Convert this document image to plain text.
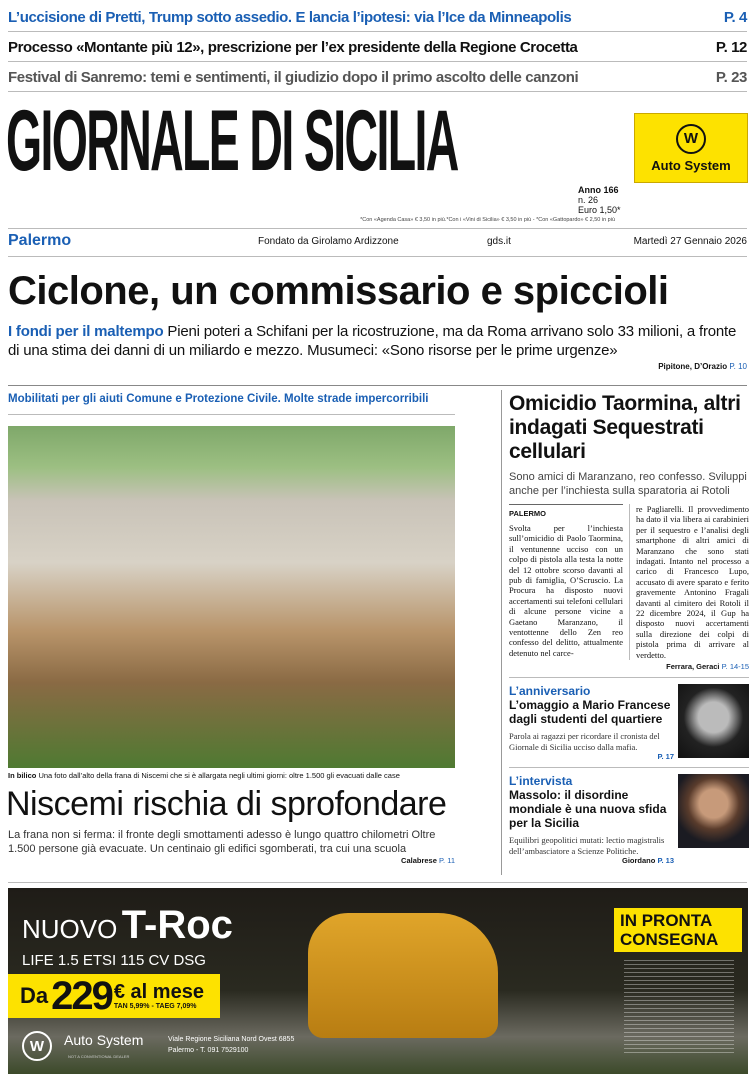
L’uccisione di Pretti, Trump sotto assedio. E lancia l’ipotesi: via l’Ice da Minneapolis	P. 4
Processo «Montante più 12», prescrizione per l’ex presidente della Regione Crocetta	P. 12
Festival di Sanremo: temi e sentimenti, il giudizio dopo il primo ascolto delle canzoni	P. 23
GIORNALE DI SICILIA	W
Auto System
Anno 166
n. 26
Euro 1,50*
*Con «Agenda Casa» € 3,50 in più.*Con i «Vini di Sicilia» € 3,50 in più - *Con «Gattopardo» € 2,50 in più
Palermo	Fondato da Girolamo Ardizzone	gds.it	Martedì 27 Gennaio 2026
Ciclone, un commissario e spiccioli
I fondi per il maltempo Pieni poteri a Schifani per la ricostruzione, ma da Roma arrivano solo 33 milioni, a fronte di una stima dei danni di un miliardo e mezzo. Musumeci: «Sono risorse per le prime urgenze»
Pipitone, D’Orazio P. 10
Mobilitati per gli aiuti Comune e Protezione Civile. Molte strade impercorribili
In bilico Una foto dall’alto della frana di Niscemi che si è allargata negli ultimi giorni: oltre 1.500 gli evacuati dalle case
Niscemi rischia di sprofondare
La frana non si ferma: il fronte degli smottamenti adesso è lungo quattro chilometri Oltre 1.500 persone già evacuate. Un centinaio gli edifici sgomberati, tra cui una scuola
Calabrese P. 11
Omicidio Taormina, altri indagati Sequestrati cellulari
Sono amici di Maranzano, reo confesso. Sviluppi anche per l’inchiesta sulla sparatoria ai Rotoli
PALERMO
Svolta per l’inchiesta sull’omicidio di Paolo Taormina, il ventunenne ucciso con un colpo di pistola alla testa la notte del 12 ottobre scorso davanti al pub di famiglia, O’Scruscio. La Procura ha disposto nuovi accertamenti sui telefoni cellulari di alcune persone vicine a Gaetano Maranzano, il ventottenne dello Zen reo confesso del delitto, attualmente detenuto nel carce-
re Pagliarelli. Il provvedimento ha dato il via libera ai carabinieri per il sequestro e l’analisi degli smartphone di altri amici di Maranzano che sono stati indagati. Intanto nel processo a carico di Francesco Lupo, accusato di avere sparato e ferito gravemente Antonino Fragali davanti al cimitero dei Rotoli il 22 dicembre 2024, il Gup ha disposto nuovi accertamenti sulla direzione dei colpi di pistola prima di arrivare al verdetto.
Ferrara, Geraci P. 14-15
L’anniversario
L’omaggio a Mario Francese dagli studenti del quartiere
Parola ai ragazzi per ricordare il cronista del Giornale di Sicilia ucciso dalla mafia.
P. 17
L’intervista
Massolo: il disordine mondiale è una nuova sfida per la Sicilia
Equilibri geopolitici mutati: lectio magistralis dell’ambasciatore a Scienze Politiche.
Giordano P. 13
NUOVO T-Roc
LIFE 1.5 ETSI 115 CV DSG
Da 229 € al mese
TAN 5,99% - TAEG 7,09%
W	Auto System
NOT A CONVENTIONAL DEALER
Viale Regione Siciliana Nord Ovest 6855
Palermo - T. 091 7529100
IN PRONTA CONSEGNA
